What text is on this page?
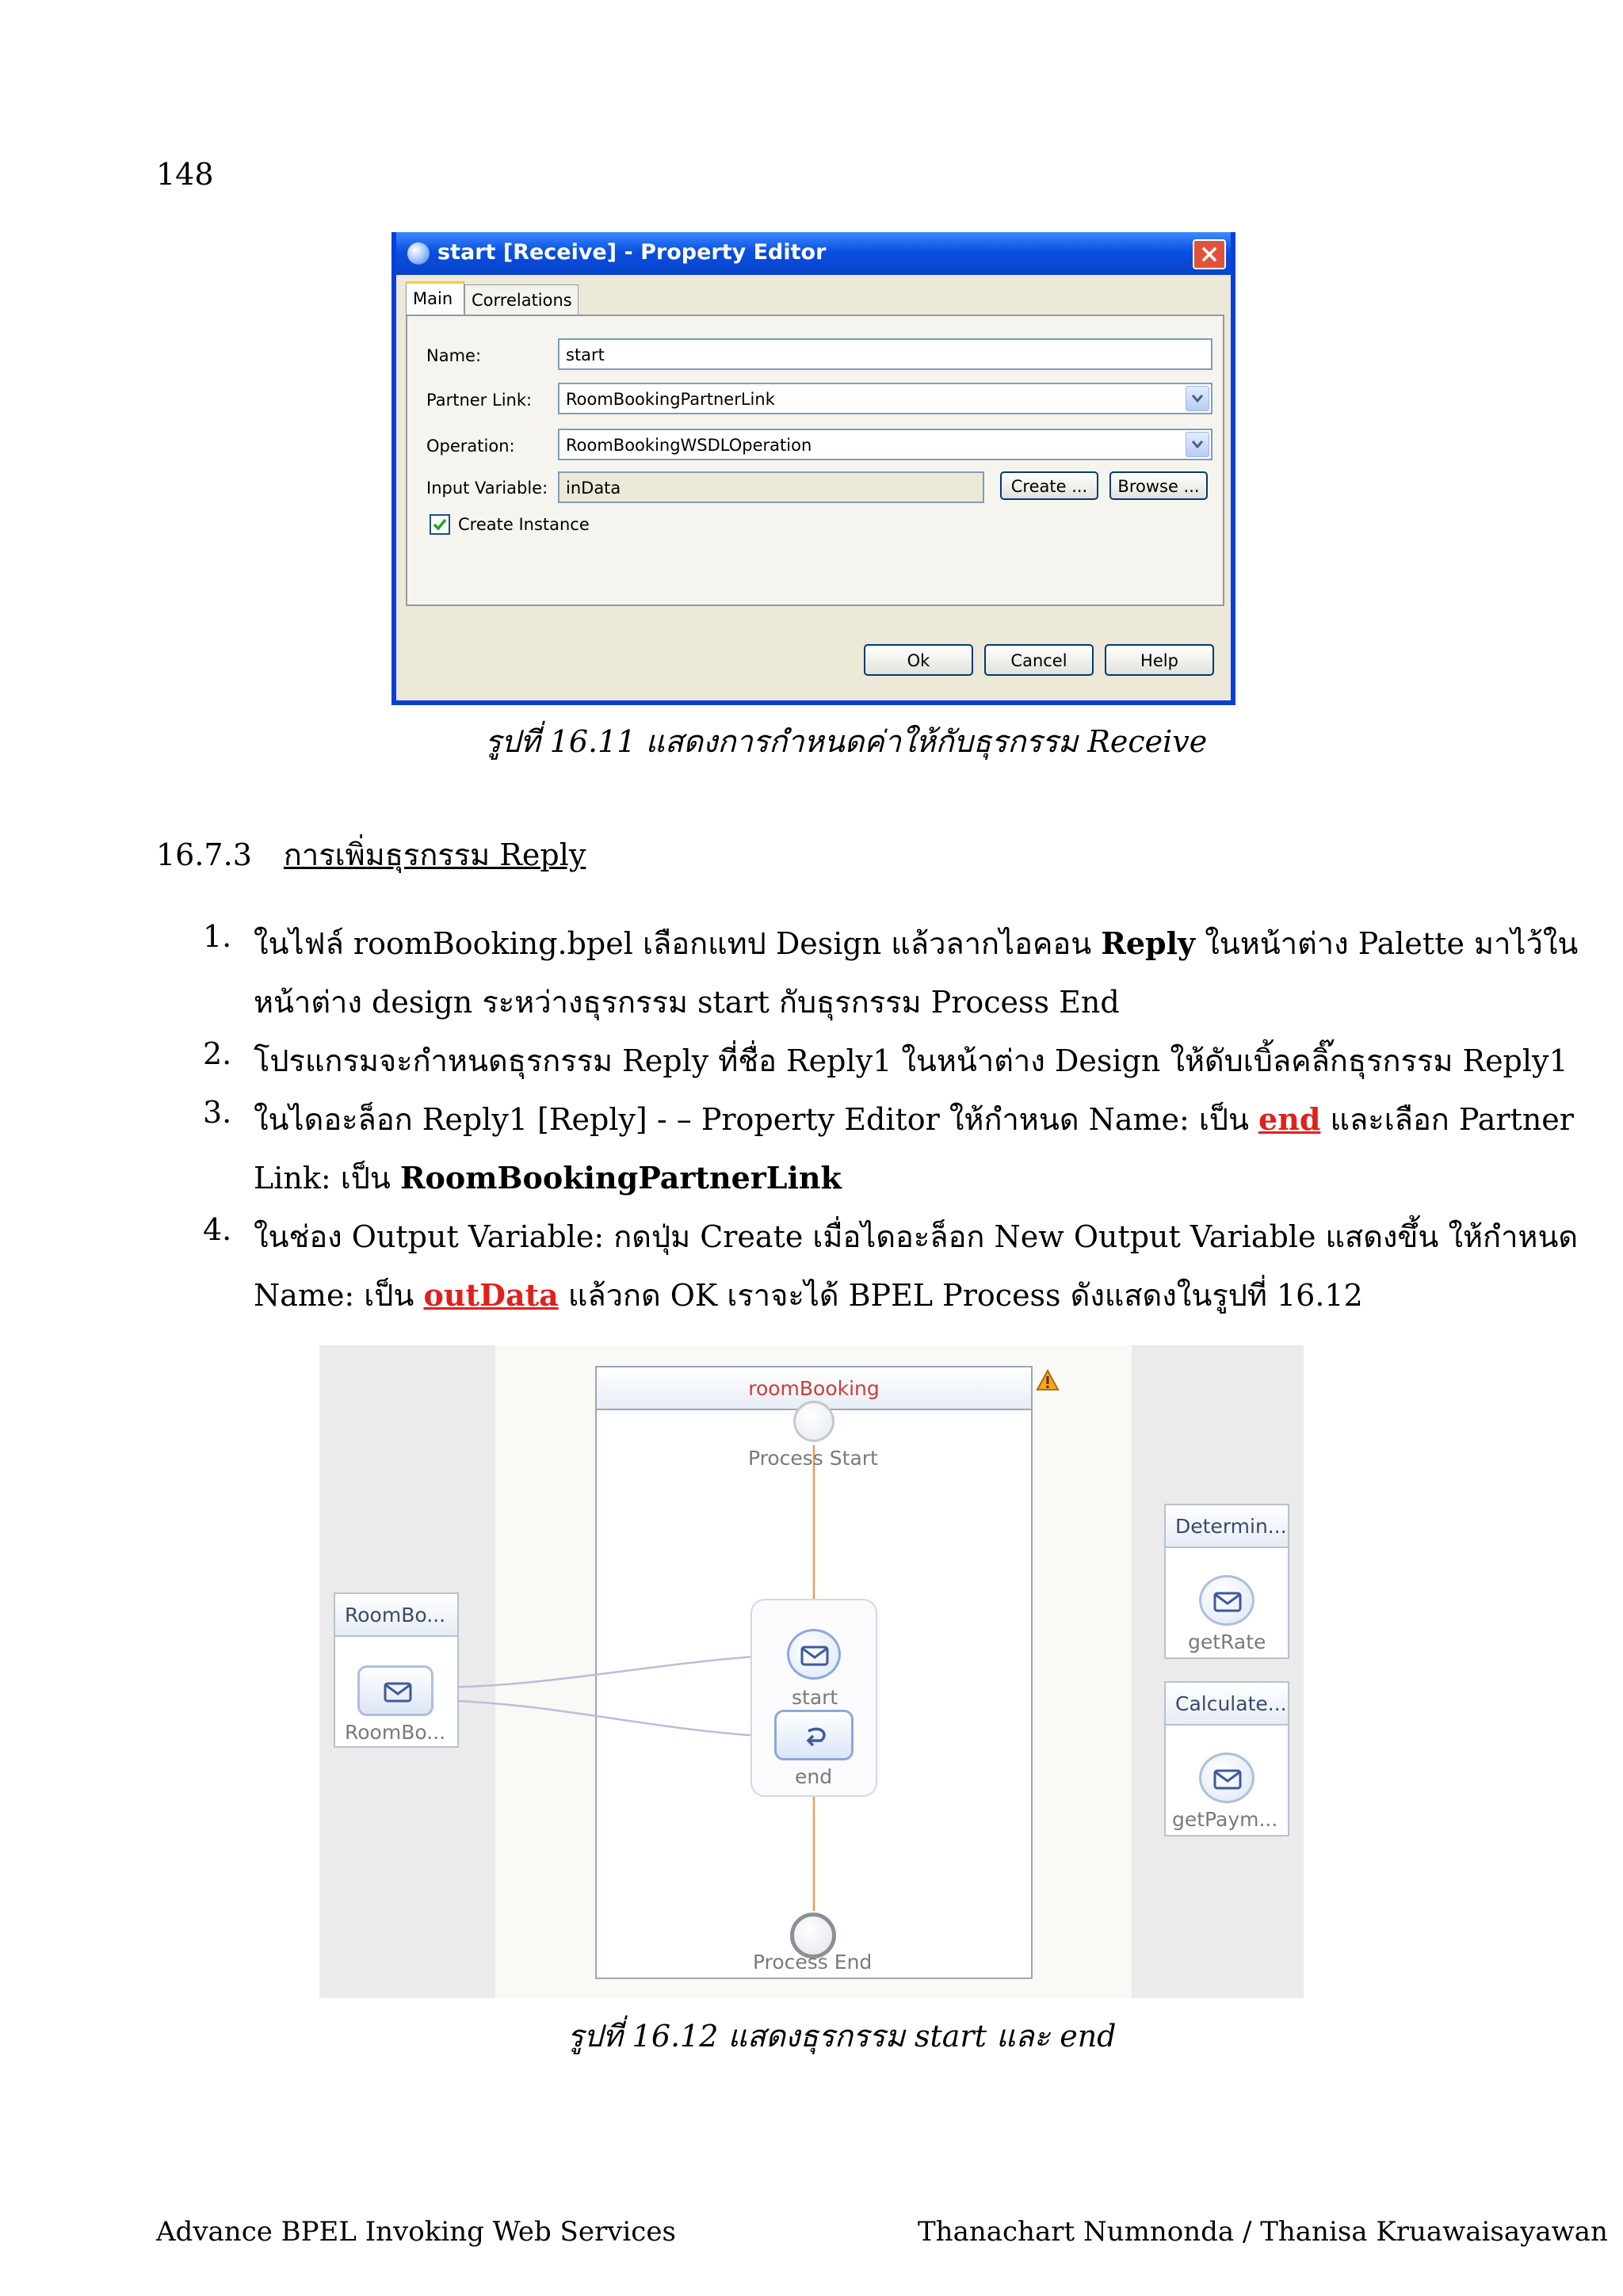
148
start [Receive] - Property Editor
Main	Correlations
Name:	start
Partner Link:	RoomBookingPartnerLink
Operation:	RoomBookingWSDLOperation
Input Variable:	inData	Create ...	Browse ...
Create Instance
Ok	Cancel	Help
รูปที่ 16.11 แสดงการกำหนดค่าให้กับธุรกรรม Receive
16.7.3 การเพิ่มธุรกรรม Reply
1. ในไฟล์ roomBooking.bpel เลือกแทป Design แล้วลากไอคอน Reply ในหน้าต่าง Palette มาไว้ใน
หน้าต่าง design ระหว่างธุรกรรม start กับธุรกรรม Process End
2. โปรแกรมจะกำหนดธุรกรรม Reply ที่ชื่อ Reply1 ในหน้าต่าง Design ให้ดับเบิ้ลคลิ๊กธุรกรรม Reply1
3. ในไดอะล็อก Reply1 [Reply] - – Property Editor ให้กำหนด Name: เป็น end และเลือก Partner
Link: เป็น RoomBookingPartnerLink
4. ในช่อง Output Variable: กดปุ่ม Create เมื่อไดอะล็อก New Output Variable แสดงขึ้น ให้กำหนด
Name: เป็น outData แล้วกด OK เราจะได้ BPEL Process ดังแสดงในรูปที่ 16.12
roomBooking
Process Start
start
end
Process End
RoomBo...
RoomBo...
Determin...
getRate
Calculate...
getPaym...
รูปที่ 16.12 แสดงธุรกรรม start และ end
Advance BPEL Invoking Web Services	Thanachart Numnonda / Thanisa Kruawaisayawan
